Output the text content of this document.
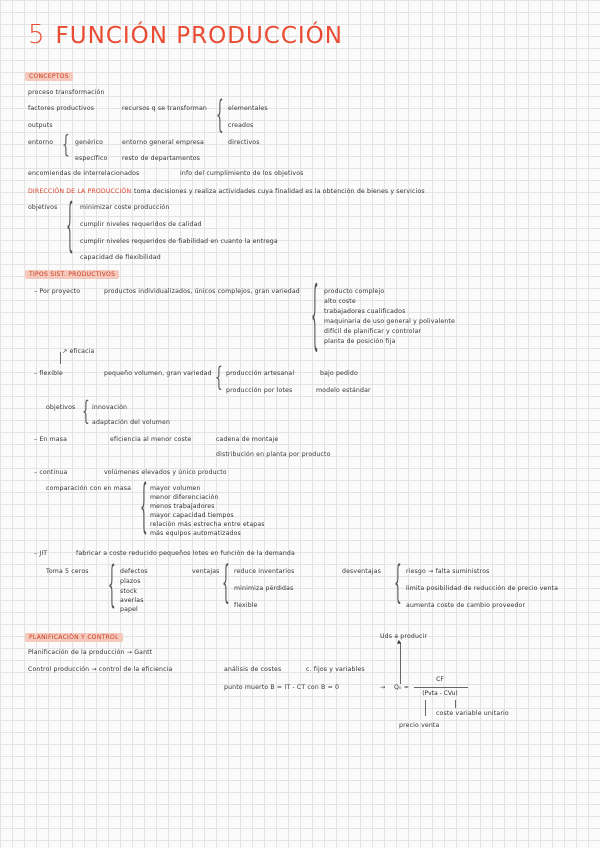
5 FUNCIÓN PRODUCCIÓN
CONCEPTOS
proceso transformación
factores productivos	recursos q se transforman { elementales
outputs	creados
entorno { genérico	entorno general empresa	directivos
específico resto de departamentos
encomiendas de interrelacionados	info del cumplimiento de los objetivos
DIRECCIÓN DE LA PRODUCCIÓN toma decisiones y realiza actividades cuya finalidad es la obtención de bienes y servicios
objetivos { minimizar coste producción
cumplir niveles requeridos de calidad
cumplir niveles requeridos de fiabilidad en cuanto la entrega
capacidad de flexibilidad
TIPOS SIST. PRODUCTIVOS
– Por proyecto	productos individualizados, únicos complejos, gran variedad { producto complejo
alto coste
trabajadores cualificados
maquinaria de uso general y polivalente
difícil de planificar y controlar
planta de posición fija
↗ eficacia
– flexible	pequeño volumen, gran variedad { producción artesanal	bajo pedido
producción por lotes	modelo estándar
objetivos { innovación
adaptación del volumen
– En masa	eficiencia al menor coste	cadena de montaje
distribución en planta por producto
– continua	volúmenes elevados y único producto
comparación con en masa { mayor volumen
menor diferenciación
menos trabajadores
mayor capacidad tiempos
relación más estrecha entre etapas
más equipos automatizados
– JIT	fabricar a coste reducido pequeños lotes en función de la demanda
Toma 5 ceros { defectos
plazos
stock
averías
papel
ventajas { reduce inventarios
minimiza pérdidas
flexible
desventajas { riesgo → falta suministros
limita posibilidad de reducción de precio venta
aumenta coste de cambio proveedor
PLANIFICACIÓN Y CONTROL
Planificación de la producción → Gantt
Control producción → control de la eficiencia	análisis de costes	c. fijos y variables
Uds a producir
▲
punto muerto B = IT - CT con B = 0	→ Q₀ =
CF
(Pvta - CVu)
precio venta
coste variable unitario
